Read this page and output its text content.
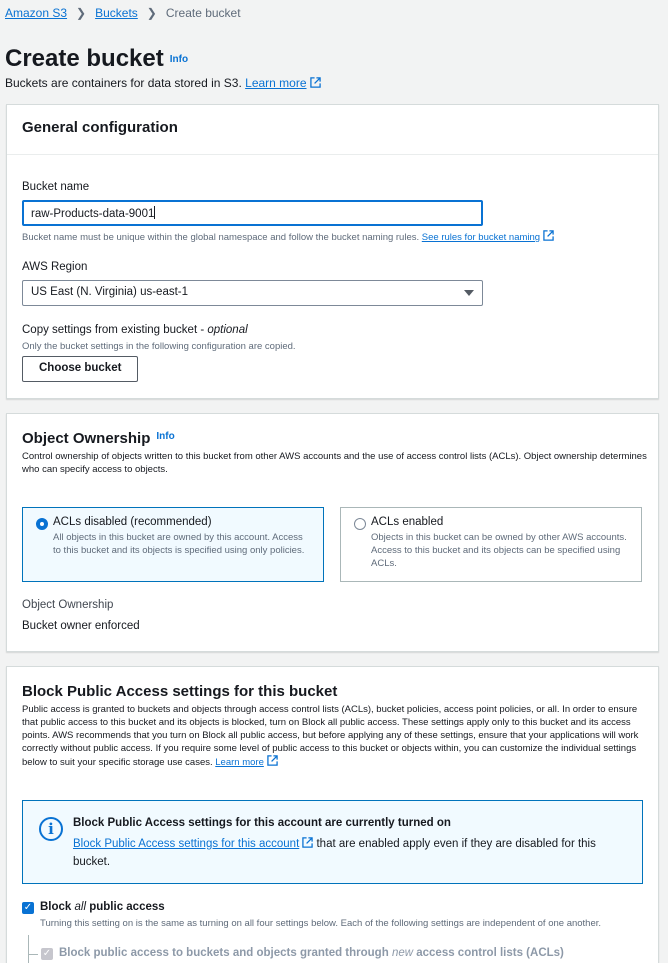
Amazon S3 ❯ Buckets ❯ Create bucket
Create bucket Info
Buckets are containers for data stored in S3. Learn more
General configuration
Bucket name
raw-Products-data-9001
Bucket name must be unique within the global namespace and follow the bucket naming rules. See rules for bucket naming
AWS Region
US East (N. Virginia) us-east-1
Copy settings from existing bucket - optional
Only the bucket settings in the following configuration are copied.
Choose bucket
Object Ownership $^{Info}$
Control ownership of objects written to this bucket from other AWS accounts and the use of access control lists (ACLs). Object ownership determines who can specify access to objects.
ACLs disabled (recommended)
All objects in this bucket are owned by this account. Access to this bucket and its objects is specified using only policies.
ACLs enabled
Objects in this bucket can be owned by other AWS accounts. Access to this bucket and its objects can be specified using ACLs.
Object Ownership
Bucket owner enforced
Block Public Access settings for this bucket
Public access is granted to buckets and objects through access control lists (ACLs), bucket policies, access point policies, or all. In order to ensure that public access to this bucket and its objects is blocked, turn on Block all public access. These settings apply only to this bucket and its access points. AWS recommends that you turn on Block all public access, but before applying any of these settings, ensure that your applications will work correctly without public access. If you require some level of public access to this bucket or objects within, you can customize the individual settings below to suit your specific storage use cases. Learn more
i	Block Public Access settings for this account are currently turned on
Block Public Access settings for this account that are enabled apply even if they are disabled for this bucket.
✓ Block all public access
Turning this setting on is the same as turning on all four settings below. Each of the following settings are independent of one another.
✓ Block public access to buckets and objects granted through new access control lists (ACLs)
